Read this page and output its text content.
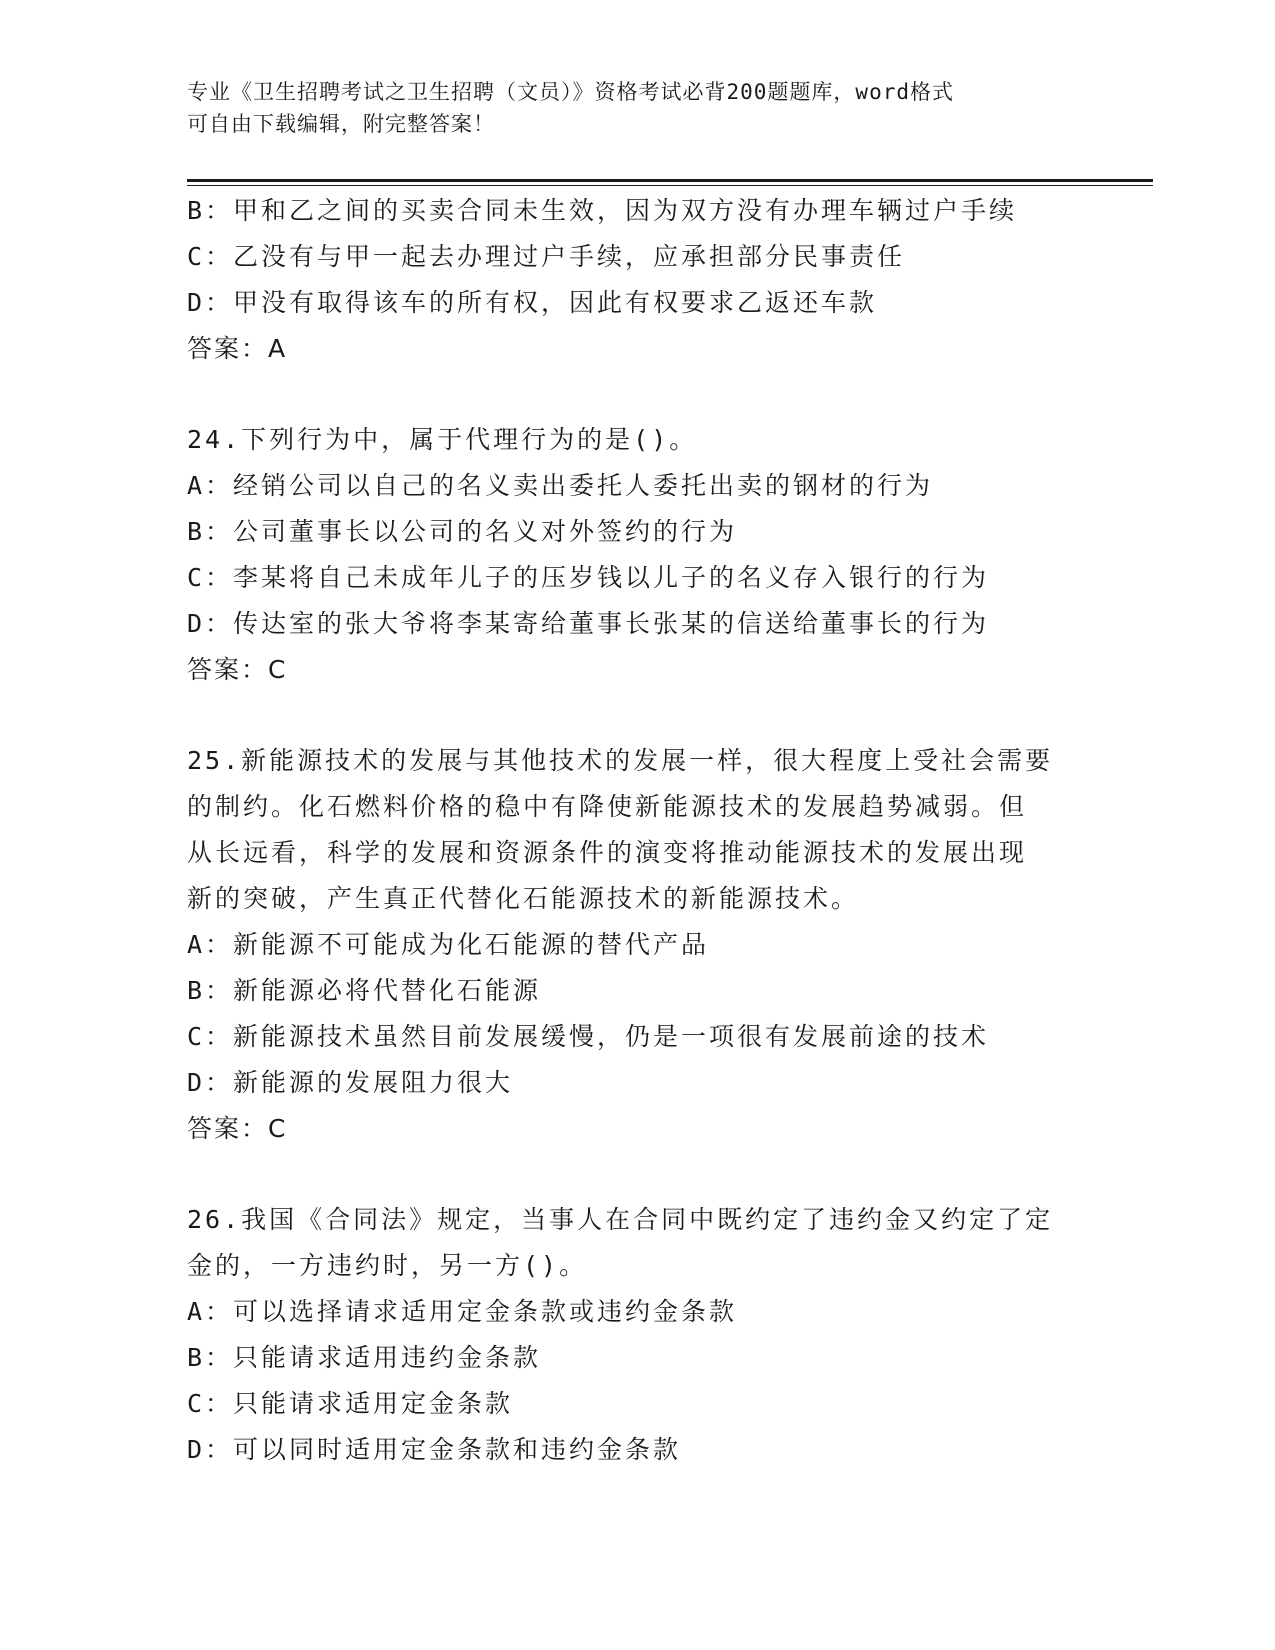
专业《卫生招聘考试之卫生招聘（文员）》资格考试必背200题题库，word格式
可自由下载编辑，附完整答案！
B：甲和乙之间的买卖合同未生效，因为双方没有办理车辆过户手续
C：乙没有与甲一起去办理过户手续，应承担部分民事责任
D：甲没有取得该车的所有权，因此有权要求乙返还车款
答案：A
24.下列行为中，属于代理行为的是()。
A：经销公司以自己的名义卖出委托人委托出卖的钢材的行为
B：公司董事长以公司的名义对外签约的行为
C：李某将自己未成年儿子的压岁钱以儿子的名义存入银行的行为
D：传达室的张大爷将李某寄给董事长张某的信送给董事长的行为
答案：C
25.新能源技术的发展与其他技术的发展一样，很大程度上受社会需要
的制约。化石燃料价格的稳中有降使新能源技术的发展趋势减弱。但
从长远看，科学的发展和资源条件的演变将推动能源技术的发展出现
新的突破，产生真正代替化石能源技术的新能源技术。
A：新能源不可能成为化石能源的替代产品
B：新能源必将代替化石能源
C：新能源技术虽然目前发展缓慢，仍是一项很有发展前途的技术
D：新能源的发展阻力很大
答案：C
26.我国《合同法》规定，当事人在合同中既约定了违约金又约定了定
金的，一方违约时，另一方()。
A：可以选择请求适用定金条款或违约金条款
B：只能请求适用违约金条款
C：只能请求适用定金条款
D：可以同时适用定金条款和违约金条款
